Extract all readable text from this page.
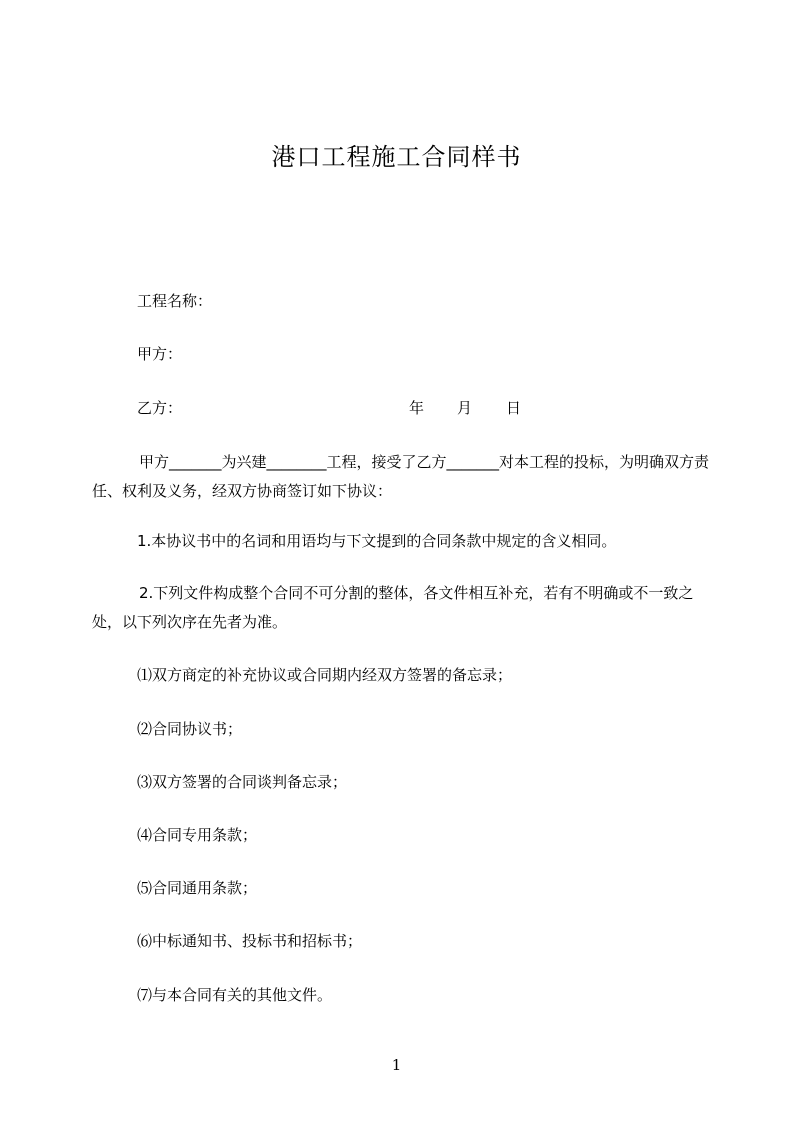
港口工程施工合同样书
工程名称：
甲方：
乙方：	年 月 日
甲方_______为兴建________工程，接受了乙方_______对本工程的投标，为明确双方责任、权利及义务，经双方协商签订如下协议：
1.本协议书中的名词和用语均与下文提到的合同条款中规定的含义相同。
2.下列文件构成整个合同不可分割的整体，各文件相互补充，若有不明确或不一致之处，以下列次序在先者为准。
⑴双方商定的补充协议或合同期内经双方签署的备忘录；
⑵合同协议书；
⑶双方签署的合同谈判备忘录；
⑷合同专用条款；
⑸合同通用条款；
⑹中标通知书、投标书和招标书；
⑺与本合同有关的其他文件。
1
